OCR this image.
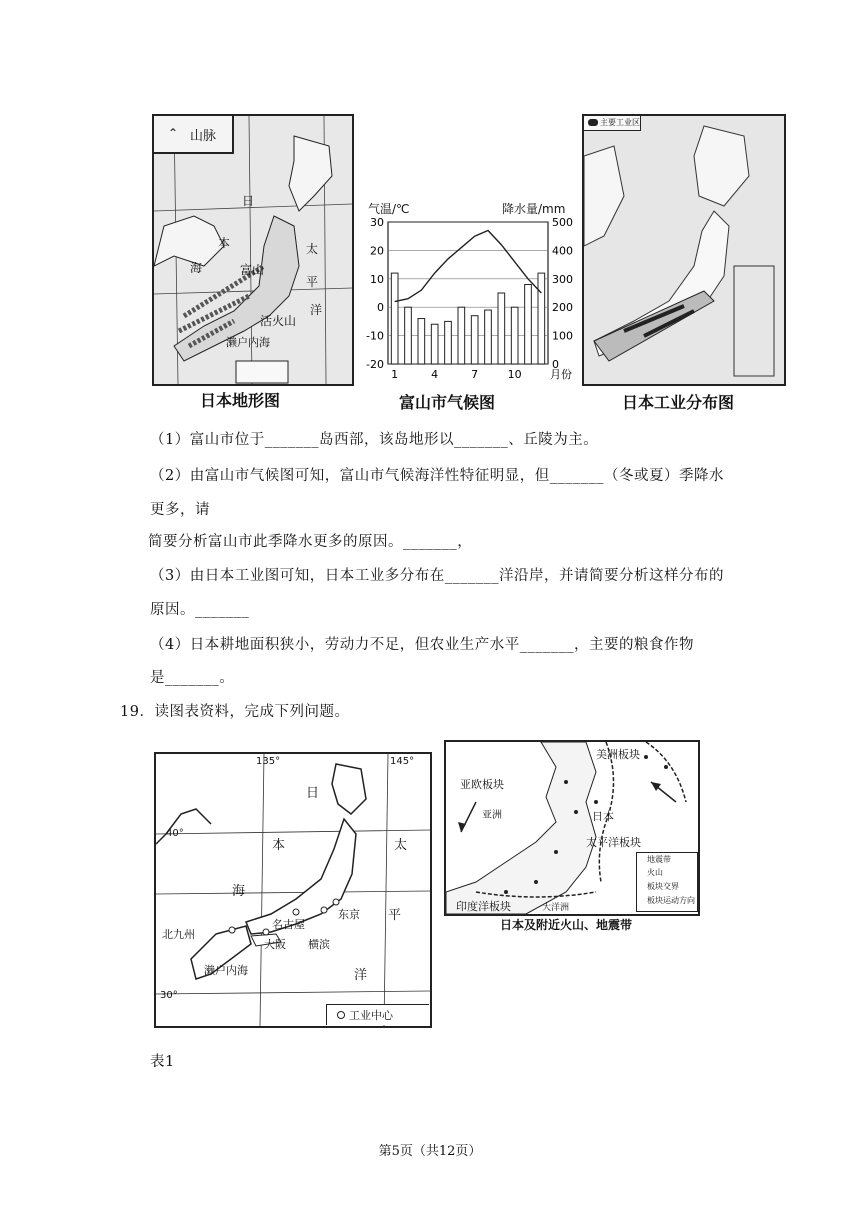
⌃ 山脉
日
本
海	富山
太
平
洋
活火山
濑户内海
日本地形图
气温/℃	降水量/mm
30
20
10
0
-10
-20
500
400
300
200
100
0
1	4	7	10	月份
富山市气候图
主要工业区
日本工业分布图
（1）富山市位于_______岛西部，该岛地形以_______、丘陵为主。
（2）由富山市气候图可知，富山市气候海洋性特征明显，但_______（冬或夏）季降水
更多，请
简要分析富山市此季降水更多的原因。_______，
（3）由日本工业图可知，日本工业多分布在_______洋沿岸，并请简要分析这样分布的
原因。_______
（4）日本耕地面积狭小，劳动力不足，但农业生产水平_______，主要的粮食作物
是_______。
19．读图表资料，完成下列问题。
135°	145°
40°
30°
日
本	太
海
平
洋
东京
名古屋
横滨
大阪
北九州
濑户内海
工业中心
美洲板块
亚欧板块
亚洲	日本
太平洋板块
印度洋板块	大洋洲
地震带
火山
板块交界
板块运动方向
日本及附近火山、地震带
表1
第5页（共12页）
